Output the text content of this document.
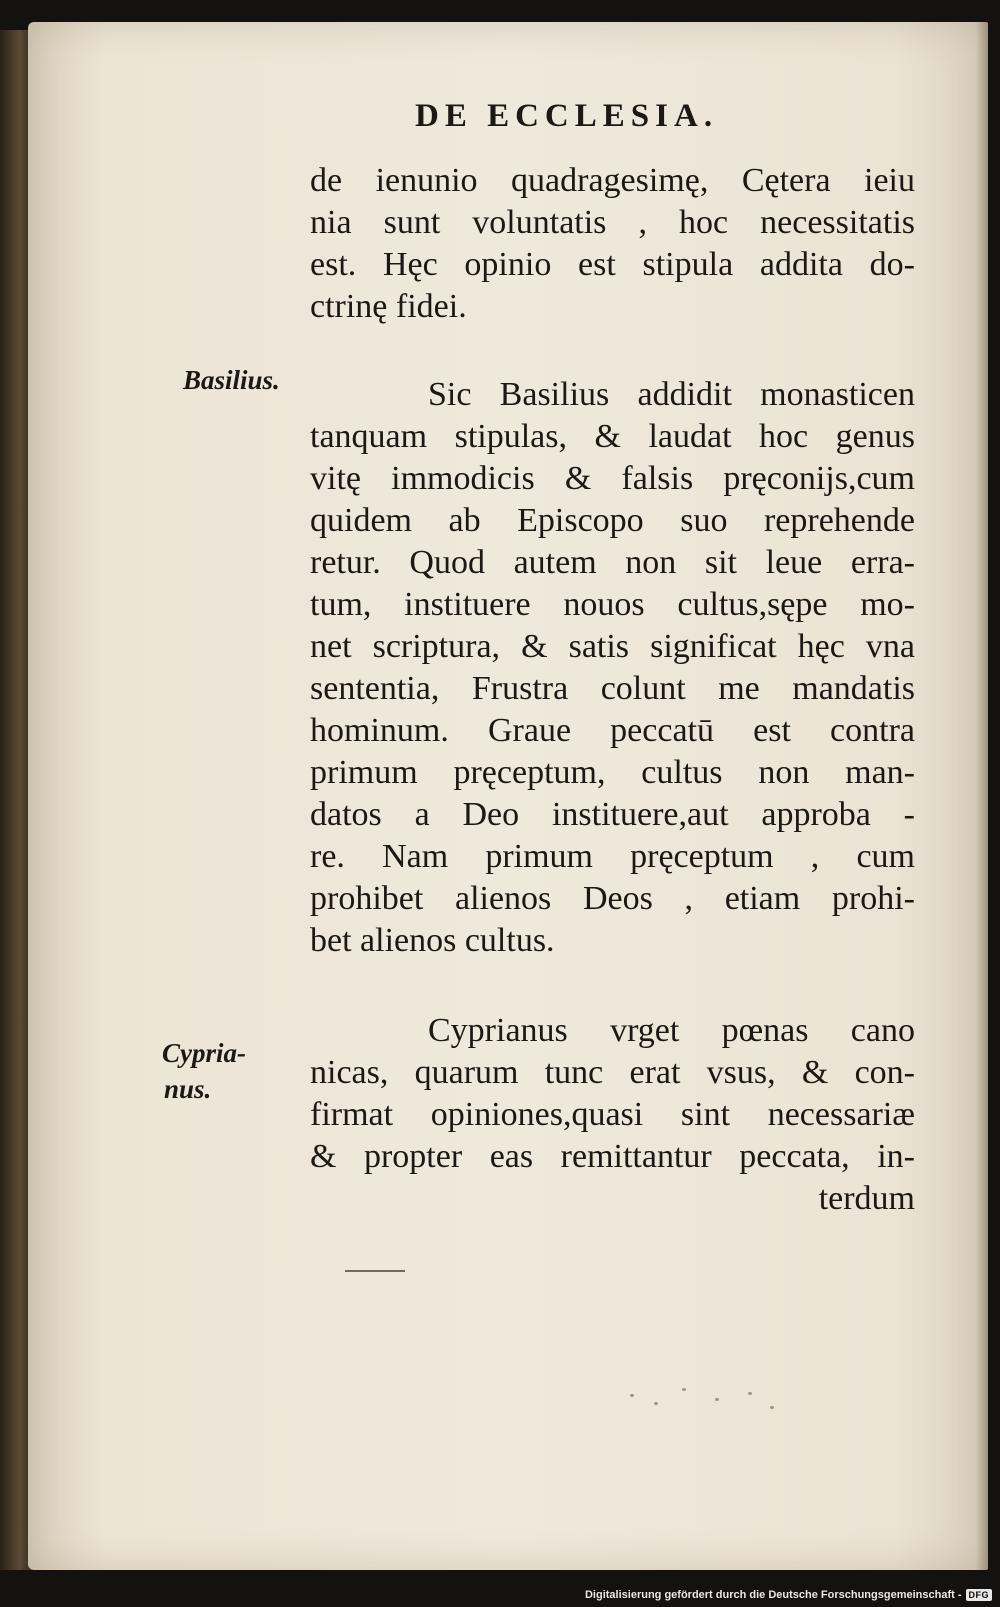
DE ECCLESIA.
de ienunio quadragesimę, Cętera ieiu
nia sunt voluntatis , hoc necessitatis
est. Hęc opinio est stipula addita do-
ctrinę fidei.
Basilius.	Sic Basilius addidit monasticen
tanquam stipulas, & laudat hoc genus
vitę immodicis & falsis pręconijs,cum
quidem ab Episcopo suo reprehende
retur. Quod autem non sit leue erra-
tum, instituere nouos cultus,sępe mo-
net scriptura, & satis significat hęc vna
sententia, Frustra colunt me mandatis
hominum. Graue peccatū est contra
primum pręceptum, cultus non man-
datos a Deo instituere,aut approba -
re. Nam primum pręceptum , cum
prohibet alienos Deos , etiam prohi-
bet alienos cultus.
Cypria-
nus.
Cyprianus vrget pœnas cano
nicas, quarum tunc erat vsus, & con-
firmat opiniones,quasi sint necessariæ
& propter eas remittantur peccata, in-
terdum
Digitalisierung gefördert durch die Deutsche Forschungsgemeinschaft - DFG
